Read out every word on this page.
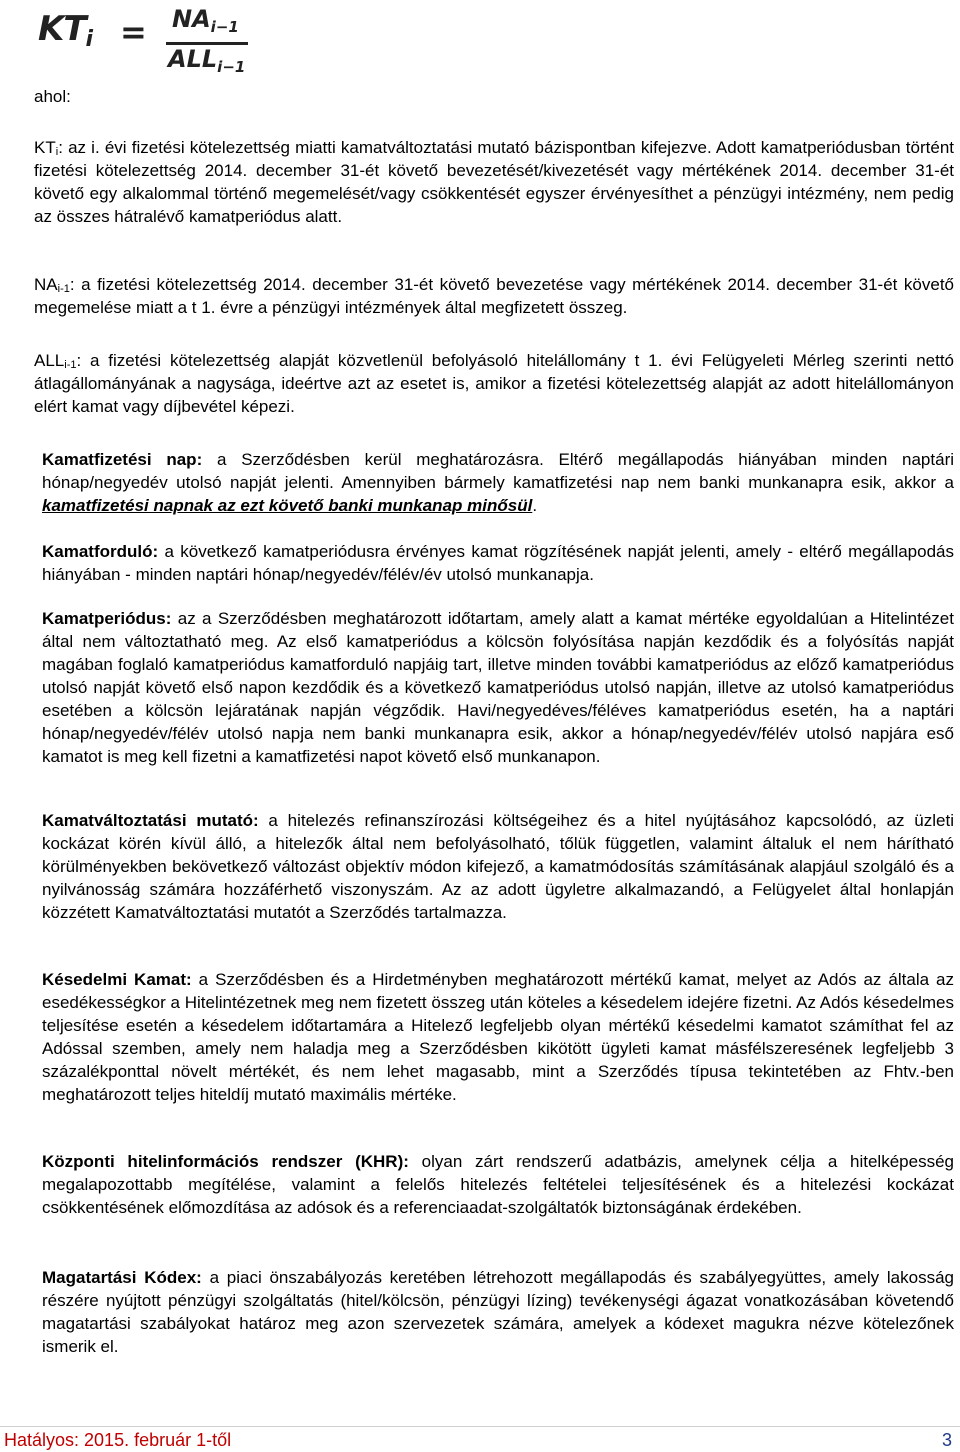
$KT_i = NA_{i-1}$
$ALL_{i-1}$
ahol:
KTi: az i. évi fizetési kötelezettség miatti kamatváltoztatási mutató bázispontban kifejezve. Adott kamatperiódusban történt fizetési kötelezettség 2014. december 31-ét követő bevezetését/kivezetését vagy mértékének 2014. december 31-ét követő egy alkalommal történő megemelését/vagy csökkentését egyszer érvényesíthet a pénzügyi intézmény, nem pedig az összes hátralévő kamatperiódus alatt.
NAi-1: a fizetési kötelezettség 2014. december 31-ét követő bevezetése vagy mértékének 2014. december 31-ét követő megemelése miatt a t 1. évre a pénzügyi intézmények által megfizetett összeg.
ALLi-1: a fizetési kötelezettség alapját közvetlenül befolyásoló hitelállomány t 1. évi Felügyeleti Mérleg szerinti nettó átlagállományának a nagysága, ideértve azt az esetet is, amikor a fizetési kötelezettség alapját az adott hitelállományon elért kamat vagy díjbevétel képezi.
Kamatfizetési nap: a Szerződésben kerül meghatározásra. Eltérő megállapodás hiányában minden naptári hónap/negyedév utolsó napját jelenti. Amennyiben bármely kamatfizetési nap nem banki munkanapra esik, akkor a kamatfizetési napnak az ezt követő banki munkanap minősül.
Kamatforduló: a következő kamatperiódusra érvényes kamat rögzítésének napját jelenti, amely - eltérő megállapodás hiányában - minden naptári hónap/negyedév/félév/év utolsó munkanapja.
Kamatperiódus: az a Szerződésben meghatározott időtartam, amely alatt a kamat mértéke egyoldalúan a Hitelintézet által nem változtatható meg. Az első kamatperiódus a kölcsön folyósítása napján kezdődik és a folyósítás napját magában foglaló kamatperiódus kamatforduló napjáig tart, illetve minden további kamatperiódus az előző kamatperiódus utolsó napját követő első napon kezdődik és a következő kamatperiódus utolsó napján, illetve az utolsó kamatperiódus esetében a kölcsön lejáratának napján végződik. Havi/negyedéves/féléves kamatperiódus esetén, ha a naptári hónap/negyedév/félév utolsó napja nem banki munkanapra esik, akkor a hónap/negyedév/félév utolsó napjára eső kamatot is meg kell fizetni a kamatfizetési napot követő első munkanapon.
Kamatváltoztatási mutató: a hitelezés refinanszírozási költségeihez és a hitel nyújtásához kapcsolódó, az üzleti kockázat körén kívül álló, a hitelezők által nem befolyásolható, tőlük független, valamint általuk el nem hárítható körülményekben bekövetkező változást objektív módon kifejező, a kamatmódosítás számításának alapjául szolgáló és a nyilvánosság számára hozzáférhető viszonyszám. Az az adott ügyletre alkalmazandó, a Felügyelet által honlapján közzétett Kamatváltoztatási mutatót a Szerződés tartalmazza.
Késedelmi Kamat: a Szerződésben és a Hirdetményben meghatározott mértékű kamat, melyet az Adós az általa az esedékességkor a Hitelintézetnek meg nem fizetett összeg után köteles a késedelem idejére fizetni. Az Adós késedelmes teljesítése esetén a késedelem időtartamára a Hitelező legfeljebb olyan mértékű késedelmi kamatot számíthat fel az Adóssal szemben, amely nem haladja meg a Szerződésben kikötött ügyleti kamat másfélszeresének legfeljebb 3 százalékponttal növelt mértékét, és nem lehet magasabb, mint a Szerződés típusa tekintetében az Fhtv.-ben meghatározott teljes hiteldíj mutató maximális mértéke.
Központi hitelinformációs rendszer (KHR): olyan zárt rendszerű adatbázis, amelynek célja a hitelképesség megalapozottabb megítélése, valamint a felelős hitelezés feltételei teljesítésének és a hitelezési kockázat csökkentésének előmozdítása az adósok és a referenciaadat-szolgáltatók biztonságának érdekében.
Magatartási Kódex: a piaci önszabályozás keretében létrehozott megállapodás és szabályegyüttes, amely lakosság részére nyújtott pénzügyi szolgáltatás (hitel/kölcsön, pénzügyi lízing) tevékenységi ágazat vonatkozásában követendő magatartási szabályokat határoz meg azon szervezetek számára, amelyek a kódexet magukra nézve kötelezőnek ismerik el.
Hatályos: 2015. február 1-től	3
